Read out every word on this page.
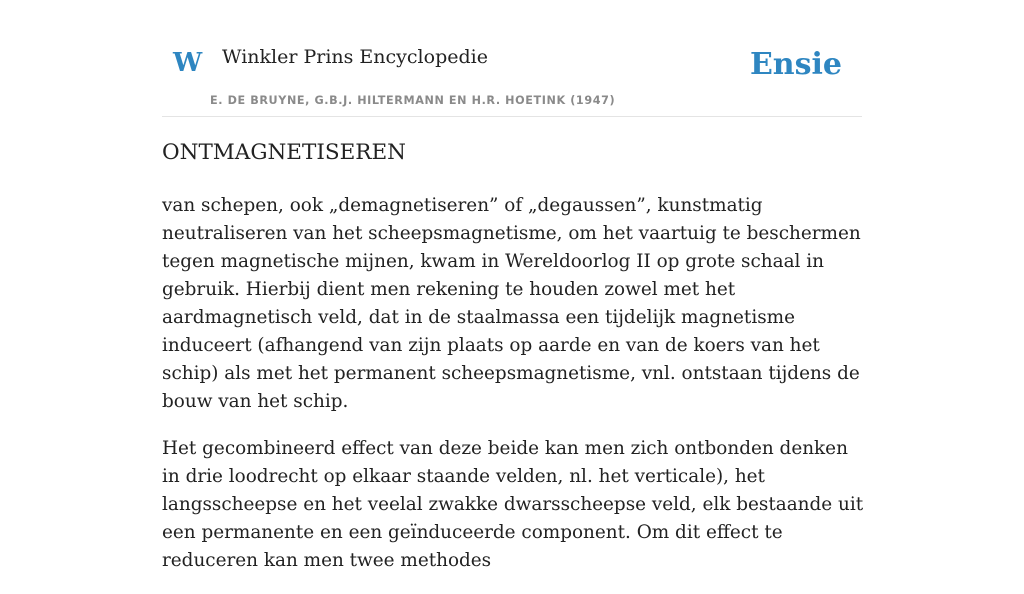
W Winkler Prins Encyclopedie
E. DE BRUYNE, G.B.J. HILTERMANN EN H.R. HOETINK (1947)
Ensie
ONTMAGNETISEREN

van schepen, ook „demagnetiseren” of „degaussen”, kunstmatig neutraliseren van het scheepsmagnetisme, om het vaartuig te beschermen tegen magnetische mijnen, kwam in Wereldoorlog II op grote schaal in gebruik. Hierbij dient men rekening te houden zowel met het aardmagnetisch veld, dat in de staalmassa een tijdelijk magnetisme induceert (afhangend van zijn plaats op aarde en van de koers van het schip) als met het permanent scheepsmagnetisme, vnl. ontstaan tijdens de bouw van het schip.

Het gecombineerd effect van deze beide kan men zich ontbonden denken in drie loodrecht op elkaar staande velden, nl. het verticale), het langsscheepse en het veelal zwakke dwarsscheepse veld, elk bestaande uit een permanente en een geïnduceerde component. Om dit effect te reduceren kan men twee methodes
